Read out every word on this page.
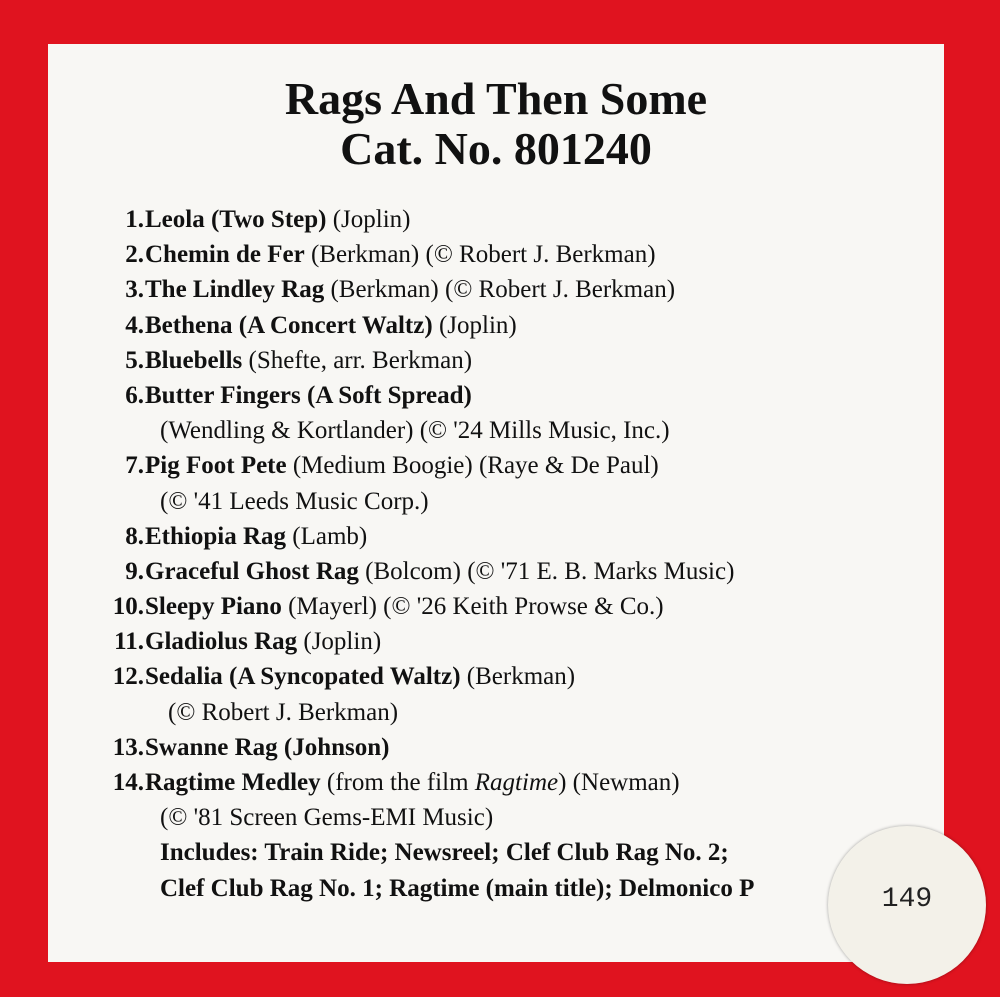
Rags And Then Some
Cat. No. 801240
1. Leola (Two Step) (Joplin)
2. Chemin de Fer (Berkman) (© Robert J. Berkman)
3. The Lindley Rag (Berkman) (© Robert J. Berkman)
4. Bethena (A Concert Waltz) (Joplin)
5. Bluebells (Shefte, arr. Berkman)
6. Butter Fingers (A Soft Spread)
(Wendling & Kortlander) (© '24 Mills Music, Inc.)
7. Pig Foot Pete (Medium Boogie) (Raye & De Paul)
(© '41 Leeds Music Corp.)
8. Ethiopia Rag (Lamb)
9. Graceful Ghost Rag (Bolcom) (© '71 E. B. Marks Music)
10. Sleepy Piano (Mayerl) (© '26 Keith Prowse & Co.)
11. Gladiolus Rag (Joplin)
12. Sedalia (A Syncopated Waltz) (Berkman)
(© Robert J. Berkman)
13. Swanne Rag (Johnson)
14. Ragtime Medley (from the film Ragtime) (Newman)
(© '81 Screen Gems-EMI Music)
Includes: Train Ride; Newsreel; Clef Club Rag No. 2;
Clef Club Rag No. 1; Ragtime (main title); Delmonico P	149
